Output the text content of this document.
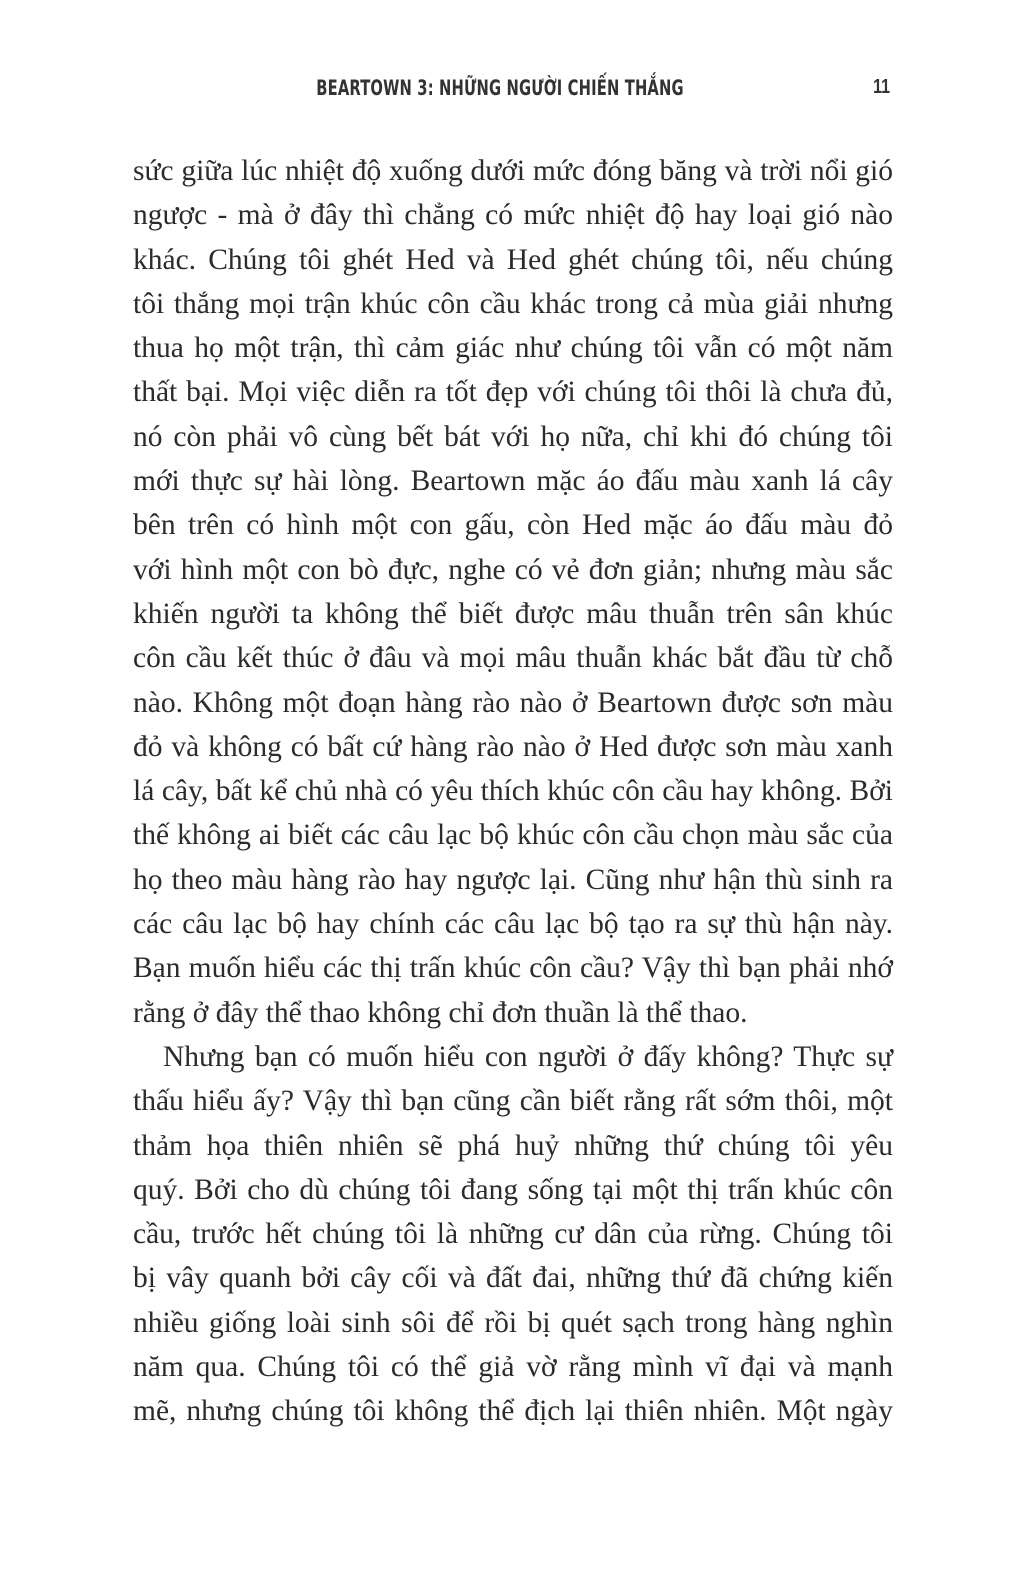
BEARTOWN 3: NHỮNG NGƯỜI CHIẾN THẮNG	11
sức giữa lúc nhiệt độ xuống dưới mức đóng băng và trời nổi gió
ngược - mà ở đây thì chẳng có mức nhiệt độ hay loại gió nào
khác. Chúng tôi ghét Hed và Hed ghét chúng tôi, nếu chúng
tôi thắng mọi trận khúc côn cầu khác trong cả mùa giải nhưng
thua họ một trận, thì cảm giác như chúng tôi vẫn có một năm
thất bại. Mọi việc diễn ra tốt đẹp với chúng tôi thôi là chưa đủ,
nó còn phải vô cùng bết bát với họ nữa, chỉ khi đó chúng tôi
mới thực sự hài lòng. Beartown mặc áo đấu màu xanh lá cây
bên trên có hình một con gấu, còn Hed mặc áo đấu màu đỏ
với hình một con bò đực, nghe có vẻ đơn giản; nhưng màu sắc
khiến người ta không thể biết được mâu thuẫn trên sân khúc
côn cầu kết thúc ở đâu và mọi mâu thuẫn khác bắt đầu từ chỗ
nào. Không một đoạn hàng rào nào ở Beartown được sơn màu
đỏ và không có bất cứ hàng rào nào ở Hed được sơn màu xanh
lá cây, bất kể chủ nhà có yêu thích khúc côn cầu hay không. Bởi
thế không ai biết các câu lạc bộ khúc côn cầu chọn màu sắc của
họ theo màu hàng rào hay ngược lại. Cũng như hận thù sinh ra
các câu lạc bộ hay chính các câu lạc bộ tạo ra sự thù hận này.
Bạn muốn hiểu các thị trấn khúc côn cầu? Vậy thì bạn phải nhớ
rằng ở đây thể thao không chỉ đơn thuần là thể thao.
Nhưng bạn có muốn hiểu con người ở đấy không? Thực sự
thấu hiểu ấy? Vậy thì bạn cũng cần biết rằng rất sớm thôi, một
thảm họa thiên nhiên sẽ phá huỷ những thứ chúng tôi yêu
quý. Bởi cho dù chúng tôi đang sống tại một thị trấn khúc côn
cầu, trước hết chúng tôi là những cư dân của rừng. Chúng tôi
bị vây quanh bởi cây cối và đất đai, những thứ đã chứng kiến
nhiều giống loài sinh sôi để rồi bị quét sạch trong hàng nghìn
năm qua. Chúng tôi có thể giả vờ rằng mình vĩ đại và mạnh
mẽ, nhưng chúng tôi không thể địch lại thiên nhiên. Một ngày
